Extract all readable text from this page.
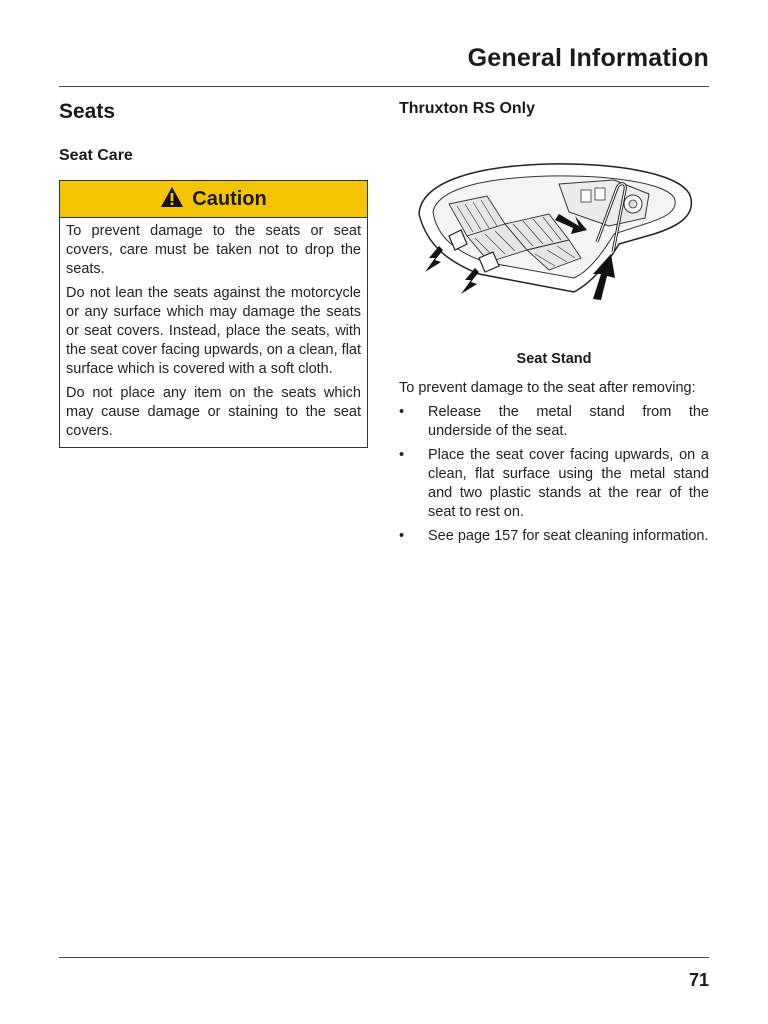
General Information
Seats
Seat Care
Caution

To prevent damage to the seats or seat covers, care must be taken not to drop the seats.

Do not lean the seats against the motorcycle or any surface which may damage the seats or seat covers. Instead, place the seats, with the seat cover facing upwards, on a clean, flat surface which is covered with a soft cloth.

Do not place any item on the seats which may cause damage or staining to the seat covers.

Thruxton RS Only

Seat Stand

To prevent damage to the seat after removing:

• Release the metal stand from the underside of the seat.
• Place the seat cover facing upwards, on a clean, flat surface using the metal stand and two plastic stands at the rear of the seat to rest on.
• See page 157 for seat cleaning information.
71
